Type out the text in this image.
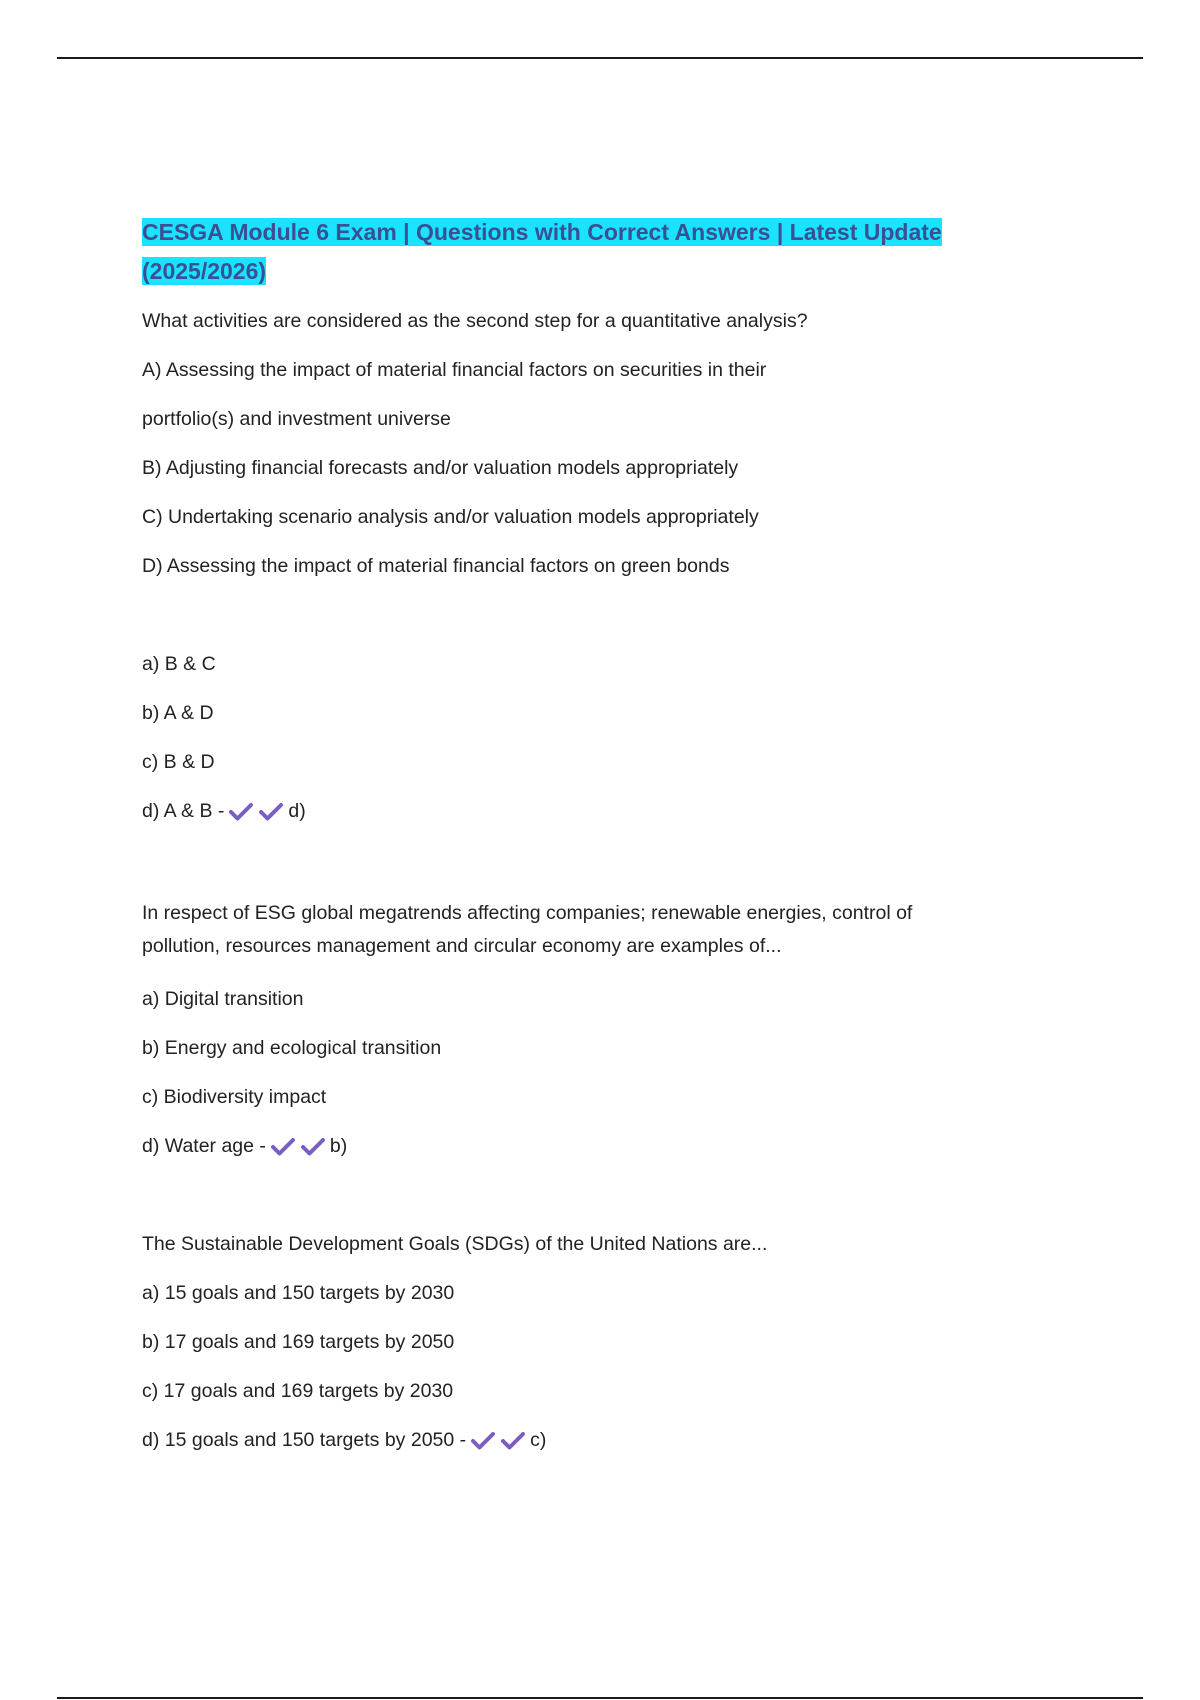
CESGA Module 6 Exam | Questions with Correct Answers | Latest Update
(2025/2026)

What activities are considered as the second step for a quantitative analysis?

A) Assessing the impact of material financial factors on securities in their

portfolio(s) and investment universe

B) Adjusting financial forecasts and/or valuation models appropriately

C) Undertaking scenario analysis and/or valuation models appropriately

D) Assessing the impact of material financial factors on green bonds

a) B & C

b) A & D

c) B & D

d) A & B -	d)

In respect of ESG global megatrends affecting companies; renewable energies, control of
pollution, resources management and circular economy are examples of...

a) Digital transition

b) Energy and ecological transition

c) Biodiversity impact

d) Water age -	b)

The Sustainable Development Goals (SDGs) of the United Nations are...

a) 15 goals and 150 targets by 2030

b) 17 goals and 169 targets by 2050

c) 17 goals and 169 targets by 2030

d) 15 goals and 150 targets by 2050 -	c)
